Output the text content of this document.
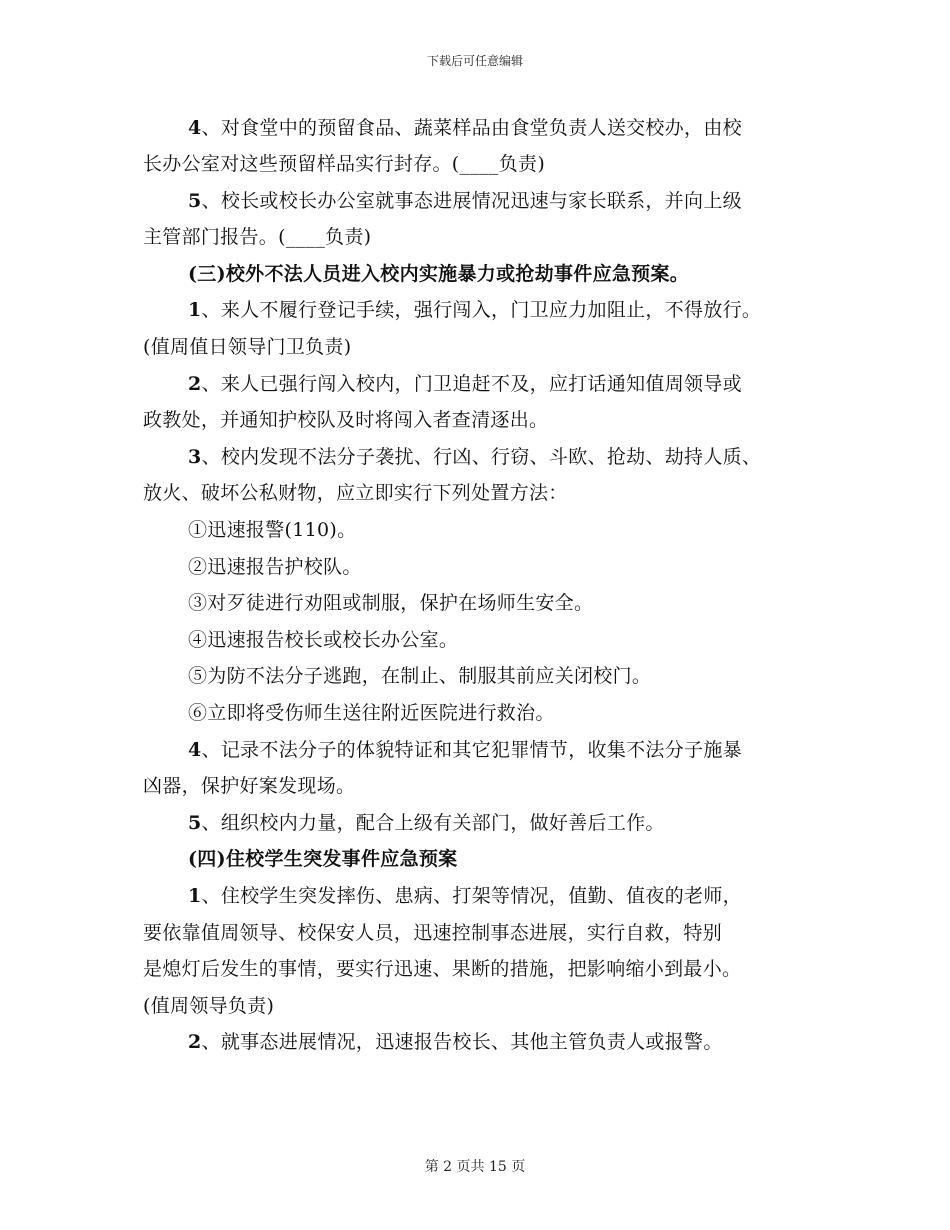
下载后可任意编辑
4、对食堂中的预留食品、蔬菜样品由食堂负责人送交校办，由校
长办公室对这些预留样品实行封存。(____负责)
5、校长或校长办公室就事态进展情况迅速与家长联系，并向上级
主管部门报告。(____负责)
(三)校外不法人员进入校内实施暴力或抢劫事件应急预案。
1、来人不履行登记手续，强行闯入，门卫应力加阻止，不得放行。
(值周值日领导门卫负责)
2、来人已强行闯入校内，门卫追赶不及，应打话通知值周领导或
政教处，并通知护校队及时将闯入者查清逐出。
3、校内发现不法分子袭扰、行凶、行窃、斗欧、抢劫、劫持人质、
放火、破坏公私财物，应立即实行下列处置方法：
①迅速报警(110)。
②迅速报告护校队。
③对歹徒进行劝阻或制服，保护在场师生安全。
④迅速报告校长或校长办公室。
⑤为防不法分子逃跑，在制止、制服其前应关闭校门。
⑥立即将受伤师生送往附近医院进行救治。
4、记录不法分子的体貌特证和其它犯罪情节，收集不法分子施暴
凶器，保护好案发现场。
5、组织校内力量，配合上级有关部门，做好善后工作。
(四)住校学生突发事件应急预案
1、住校学生突发摔伤、患病、打架等情况，值勤、值夜的老师，
要依靠值周领导、校保安人员，迅速控制事态进展，实行自救，特别
是熄灯后发生的事情，要实行迅速、果断的措施，把影响缩小到最小。
(值周领导负责)
2、就事态进展情况，迅速报告校长、其他主管负责人或报警。
第 2 页共 15 页
